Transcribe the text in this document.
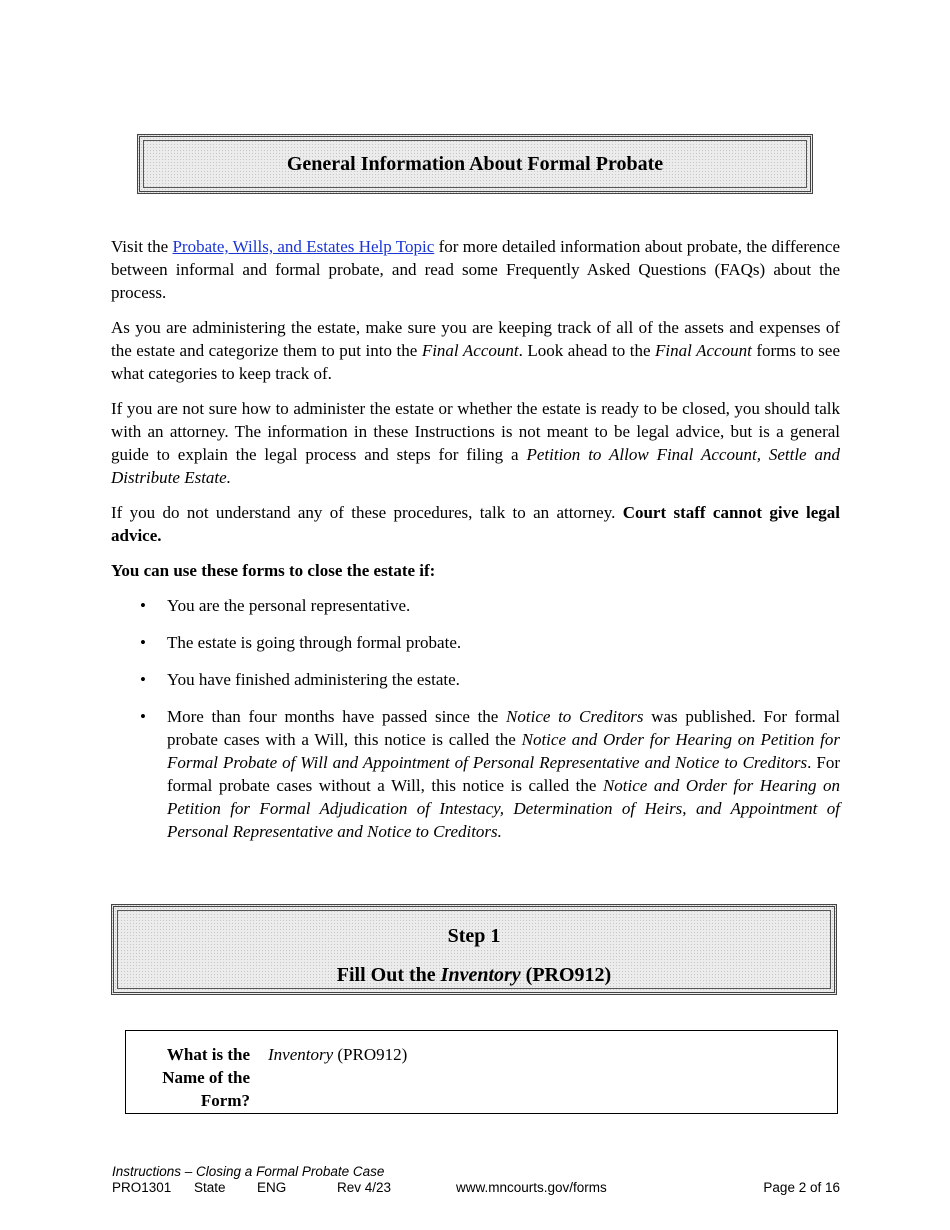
General Information About Formal Probate

Visit the Probate, Wills, and Estates Help Topic for more detailed information about probate, the difference between informal and formal probate, and read some Frequently Asked Questions (FAQs) about the process.

As you are administering the estate, make sure you are keeping track of all of the assets and expenses of the estate and categorize them to put into the Final Account. Look ahead to the Final Account forms to see what categories to keep track of.

If you are not sure how to administer the estate or whether the estate is ready to be closed, you should talk with an attorney. The information in these Instructions is not meant to be legal advice, but is a general guide to explain the legal process and steps for filing a Petition to Allow Final Account, Settle and Distribute Estate.

If you do not understand any of these procedures, talk to an attorney. Court staff cannot give legal advice.

You can use these forms to close the estate if:

• You are the personal representative.
• The estate is going through formal probate.
• You have finished administering the estate.
• More than four months have passed since the Notice to Creditors was published. For formal probate cases with a Will, this notice is called the Notice and Order for Hearing on Petition for Formal Probate of Will and Appointment of Personal Representative and Notice to Creditors. For formal probate cases without a Will, this notice is called the Notice and Order for Hearing on Petition for Formal Adjudication of Intestacy, Determination of Heirs, and Appointment of Personal Representative and Notice to Creditors.
Step 1
Fill Out the Inventory (PRO912)
What is the
Name of the
Form?
Inventory (PRO912)
Instructions – Closing a Formal Probate Case
PRO1301 State ENG	Rev 4/23	www.mncourts.gov/forms	Page 2 of 16
